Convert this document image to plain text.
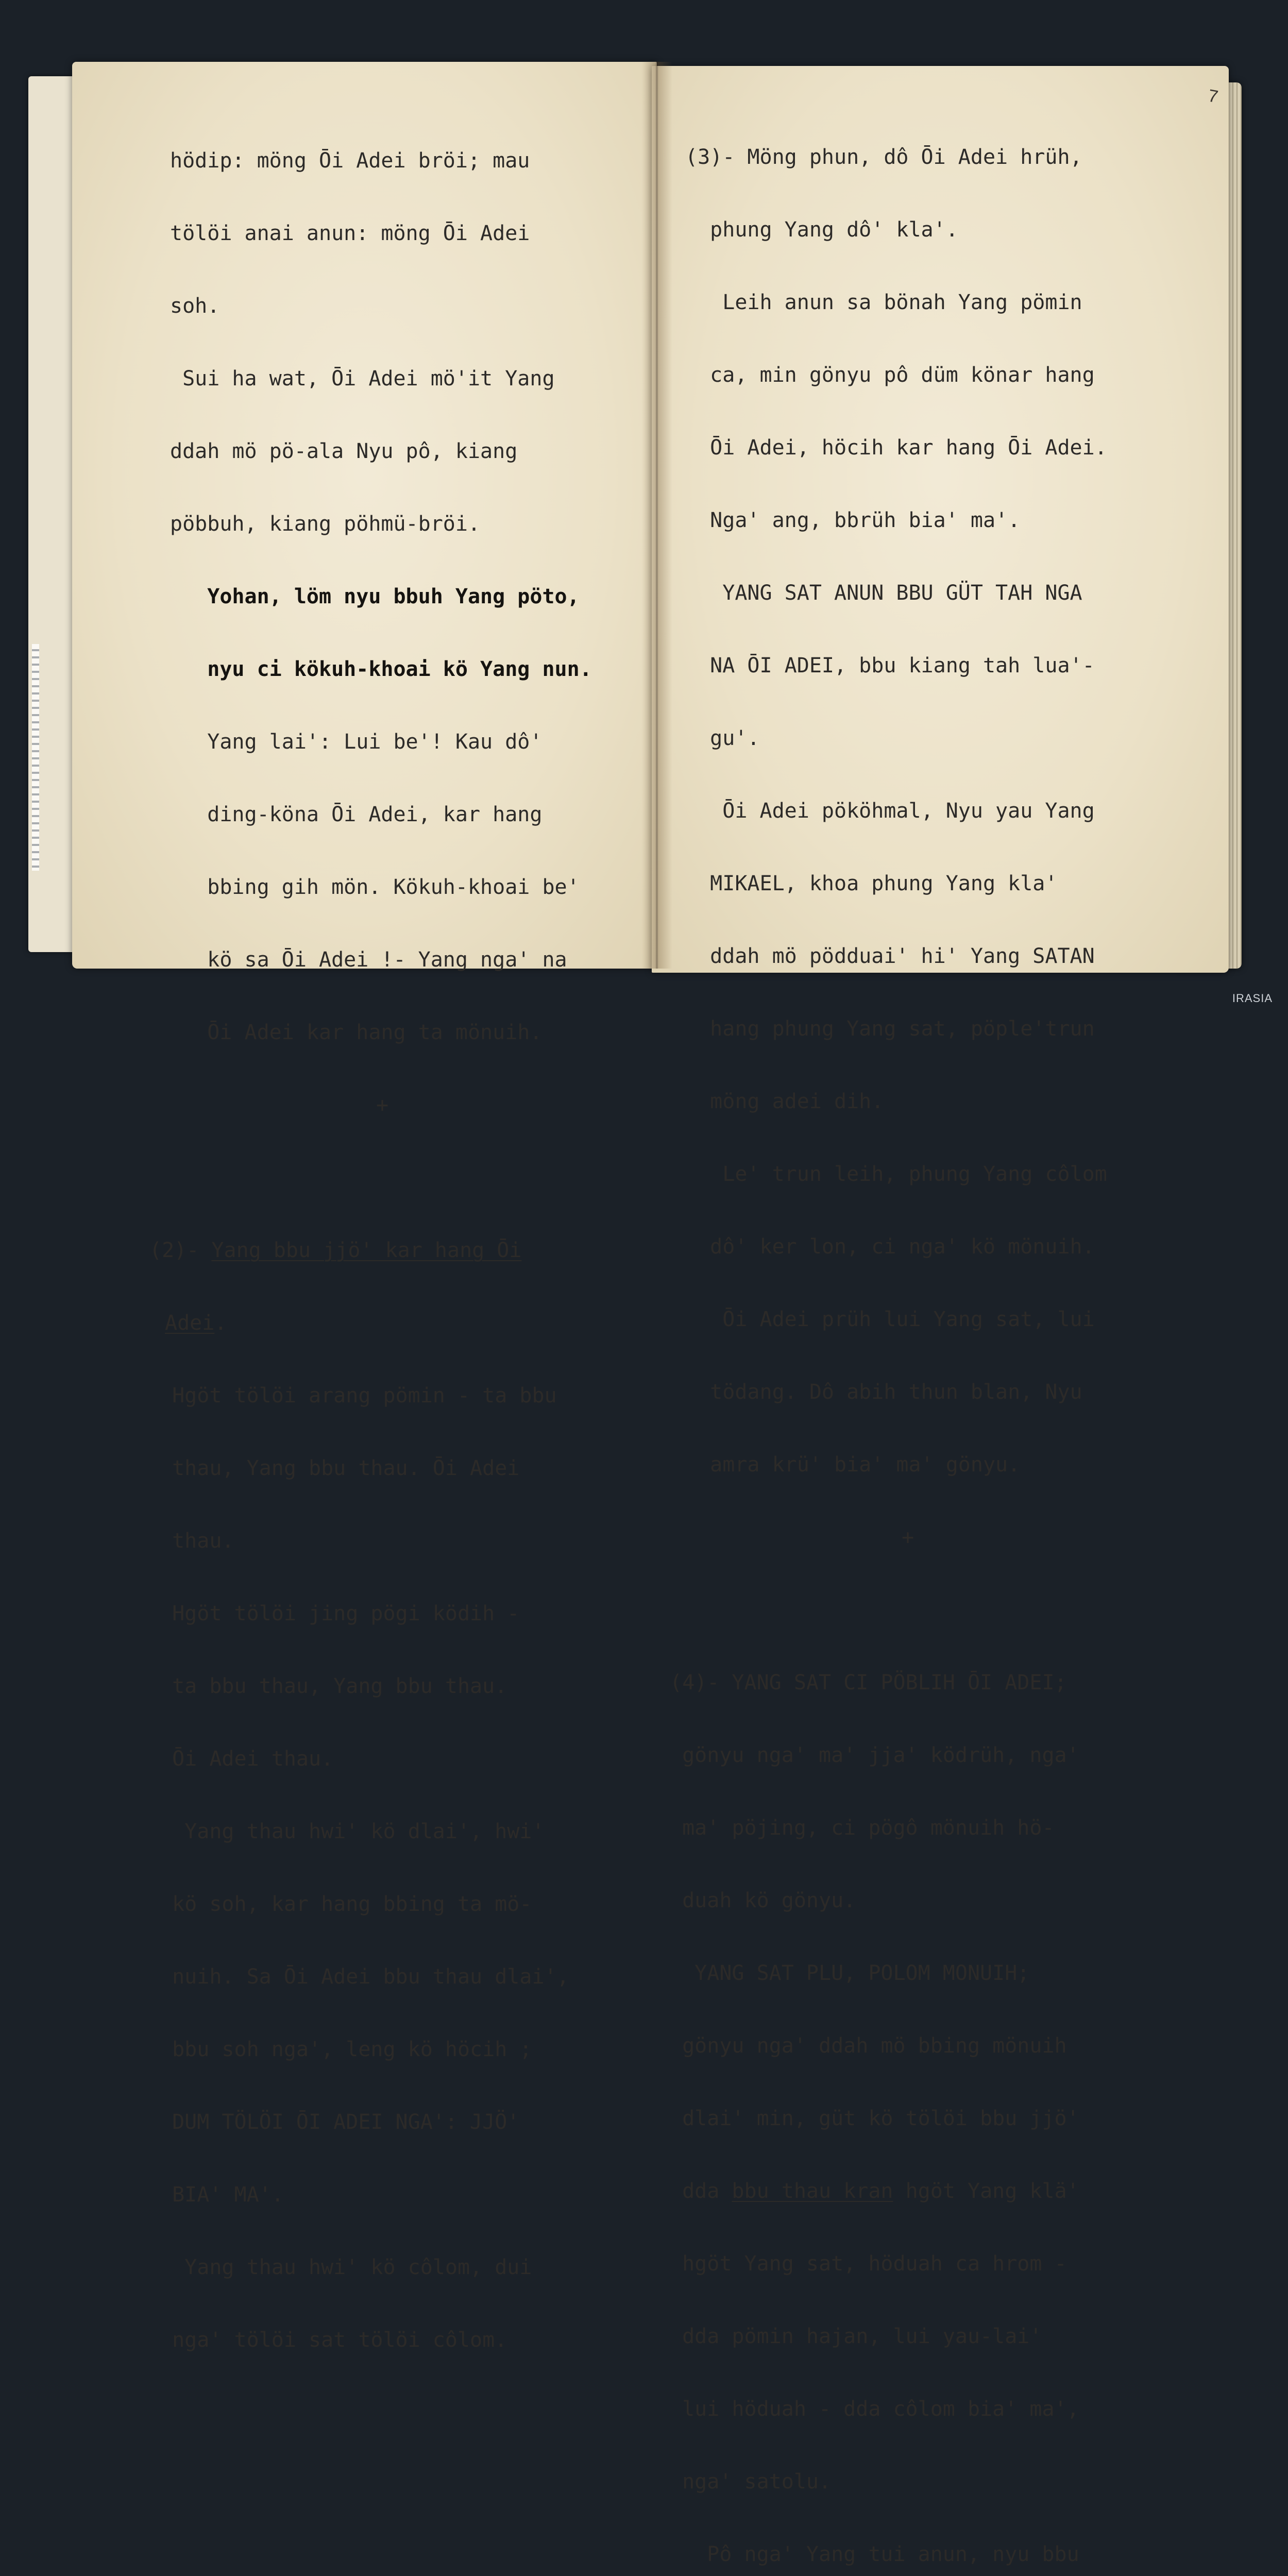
hödip: möng Ōi Adei bröi; mau

tölöi anai anun: möng Ōi Adei

soh.

Sui ha wat, Ōi Adei mö'it Yang

ddah mö pö-ala Nyu pô, kiang

pöbbuh, kiang pöhmü-bröi.

Yohan, löm nyu bbuh Yang pöto,

nyu ci kökuh-khoai kö Yang nun.

Yang lai': Lui be'! Kau dô'

ding-köna Ōi Adei, kar hang

bbing gih mön. Kökuh-khoai be'

kö sa Ōi Adei !- Yang nga' na

Ōi Adei kar hang ta mönuih.

+

(2)- Yang bbu jjö' kar hang Ōi

Adei.

Hgöt tölöi arang pömin - ta bbu

thau, Yang bbu thau. Ōi Adei

thau.

Hgöt tölöi jing pögi ködih -

ta bbu thau, Yang bbu thau.

Ōi Adei thau.

Yang thau hwi' kö dlai', hwi'

kö soh, kar hang bbing ta mö-

nuih. Sa Ōi Adei bbu thau dlai',

bbu soh nga', leng kö höcih ;

DUM TÖLÖI ŌI ADEI NGA': JJÖ'

BIA' MA'.

Yang thau hwi' kö côlom, dui

nga' tölöi sat tölöi côlom.

(3)- Möng phun, dô Ōi Adei hrüh,

phung Yang dô' kla'.

Leih anun sa bönah Yang pömin

ca, min gönyu pô düm könar hang

Ōi Adei, höcih kar hang Ōi Adei.

Nga' ang, bbrüh bia' ma'.

YANG SAT ANUN BBU GÜT TAH NGA

NA ŌI ADEI, bbu kiang tah lua'-

gu'.

Ōi Adei pököhmal, Nyu yau Yang

MIKAEL, khoa phung Yang kla'

ddah mö pödduai' hi' Yang SATAN

hang phung Yang sat, pöple'trun

möng adei dih.

Le' trun leih, phung Yang côlom

dô' ker lon, ci nga' kö mönuih.

Ōi Adei prüh lui Yang sat, lui

tödang. Dô abih thun blan, Nyu

amra krü' bia' ma' gönyu.

+

(4)- YANG SAT CI PÖBLIH ŌI ADEI;

gönyu nga' ma' jja' ködrüh, nga'

ma' pöjing, ci pögô mönuih hö-

duah kö gönyu.

YANG SAT PLU, POLOM MONUIH;

gönyu nga' ddah mö bbing mönuih

dlai' min, güt kö tölöi bbu jjö'

dda bbu thau kran hgöt Yang klä'

hgöt Yang sat, höduah ca hrom -

dda pömin hajan, lui yau-lai'

lui höduah - dda côlom bia' ma',

nga' satolu.

Pô nga' Yang tui anun, nyu bbu

7
IRASIA
